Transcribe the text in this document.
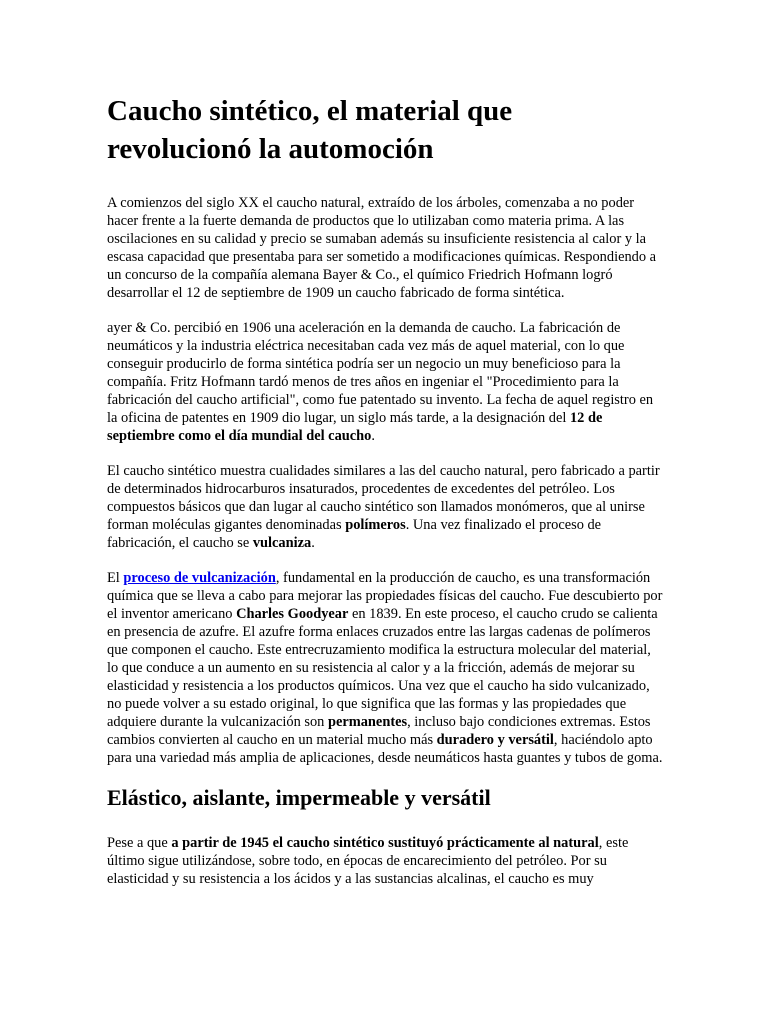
Caucho sintético, el material que revolucionó la automoción

A comienzos del siglo XX el caucho natural, extraído de los árboles, comenzaba a no poder hacer frente a la fuerte demanda de productos que lo utilizaban como materia prima. A las oscilaciones en su calidad y precio se sumaban además su insuficiente resistencia al calor y la escasa capacidad que presentaba para ser sometido a modificaciones químicas. Respondiendo a un concurso de la compañía alemana Bayer & Co., el químico Friedrich Hofmann logró desarrollar el 12 de septiembre de 1909 un caucho fabricado de forma sintética.

ayer & Co. percibió en 1906 una aceleración en la demanda de caucho. La fabricación de neumáticos y la industria eléctrica necesitaban cada vez más de aquel material, con lo que conseguir producirlo de forma sintética podría ser un negocio un muy beneficioso para la compañía. Fritz Hofmann tardó menos de tres años en ingeniar el "Procedimiento para la fabricación del caucho artificial", como fue patentado su invento. La fecha de aquel registro en la oficina de patentes en 1909 dio lugar, un siglo más tarde, a la designación del 12 de septiembre como el día mundial del caucho.

El caucho sintético muestra cualidades similares a las del caucho natural, pero fabricado a partir de determinados hidrocarburos insaturados, procedentes de excedentes del petróleo. Los compuestos básicos que dan lugar al caucho sintético son llamados monómeros, que al unirse forman moléculas gigantes denominadas polímeros. Una vez finalizado el proceso de fabricación, el caucho se vulcaniza.

El proceso de vulcanización, fundamental en la producción de caucho, es una transformación química que se lleva a cabo para mejorar las propiedades físicas del caucho. Fue descubierto por el inventor americano Charles Goodyear en 1839. En este proceso, el caucho crudo se calienta en presencia de azufre. El azufre forma enlaces cruzados entre las largas cadenas de polímeros que componen el caucho. Este entrecruzamiento modifica la estructura molecular del material, lo que conduce a un aumento en su resistencia al calor y a la fricción, además de mejorar su elasticidad y resistencia a los productos químicos. Una vez que el caucho ha sido vulcanizado, no puede volver a su estado original, lo que significa que las formas y las propiedades que adquiere durante la vulcanización son permanentes, incluso bajo condiciones extremas. Estos cambios convierten al caucho en un material mucho más duradero y versátil, haciéndolo apto para una variedad más amplia de aplicaciones, desde neumáticos hasta guantes y tubos de goma.

Elástico, aislante, impermeable y versátil

Pese a que a partir de 1945 el caucho sintético sustituyó prácticamente al natural, este último sigue utilizándose, sobre todo, en épocas de encarecimiento del petróleo. Por su elasticidad y su resistencia a los ácidos y a las sustancias alcalinas, el caucho es muy
